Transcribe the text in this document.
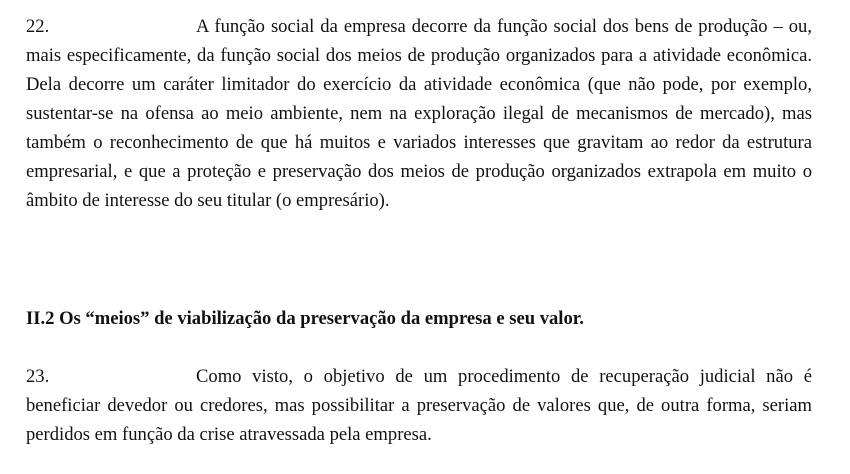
22.	A função social da empresa decorre da função social dos bens de produção – ou, mais especificamente, da função social dos meios de produção organizados para a atividade econômica. Dela decorre um caráter limitador do exercício da atividade econômica (que não pode, por exemplo, sustentar-se na ofensa ao meio ambiente, nem na exploração ilegal de mecanismos de mercado), mas também o reconhecimento de que há muitos e variados interesses que gravitam ao redor da estrutura empresarial, e que a proteção e preservação dos meios de produção organizados extrapola em muito o âmbito de interesse do seu titular (o empresário).

II.2 Os “meios” de viabilização da preservação da empresa e seu valor.

23.	Como visto, o objetivo de um procedimento de recuperação judicial não é beneficiar devedor ou credores, mas possibilitar a preservação de valores que, de outra forma, seriam perdidos em função da crise atravessada pela empresa.
